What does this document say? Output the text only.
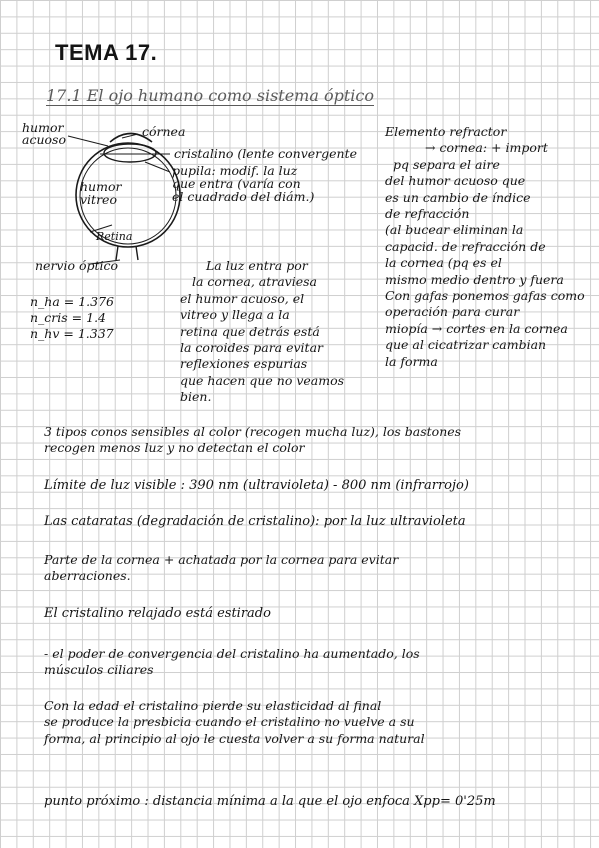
TEMA 17.
17.1 El ojo humano como sistema óptico
humor
acuoso
córnea
cristalino (lente convergente
pupila: modif. la luz
que entra (varía con
el cuadrado del diám.)
humor
vitreo
Retina
nervio óptico
Elemento refractor
→ cornea: + import
pq separa el aire
del humor acuoso que
es un cambio de índice
de refracción
(al bucear eliminan la
capacid. de refracción de
la cornea (pq es el
mismo medio dentro y fuera
Con gafas ponemos gafas como
operación para curar
miopía → cortes en la cornea
que al cicatrizar cambian
la forma
n_ha = 1.376
n_cris = 1.4
n_hv = 1.337
La luz entra por
la cornea, atraviesa
el humor acuoso, el
vitreo y llega a la
retina que detrás está
la coroides para evitar
reflexiones espurias
que hacen que no veamos
bien.
3 tipos conos sensibles al color (recogen mucha luz), los bastones
recogen menos luz y no detectan el color
Límite de luz visible : 390 nm (ultravioleta) - 800 nm (infrarrojo)
Las cataratas (degradación de cristalino): por la luz ultravioleta
Parte de la cornea + achatada por la cornea para evitar
aberraciones.
El cristalino relajado está estirado
- el poder de convergencia del cristalino ha aumentado, los
músculos ciliares
Con la edad el cristalino pierde su elasticidad al final
se produce la presbicia cuando el cristalino no vuelve a su
forma, al principio al ojo le cuesta volver a su forma natural
punto próximo : distancia mínima a la que el ojo enfoca Xpp= 0'25m
